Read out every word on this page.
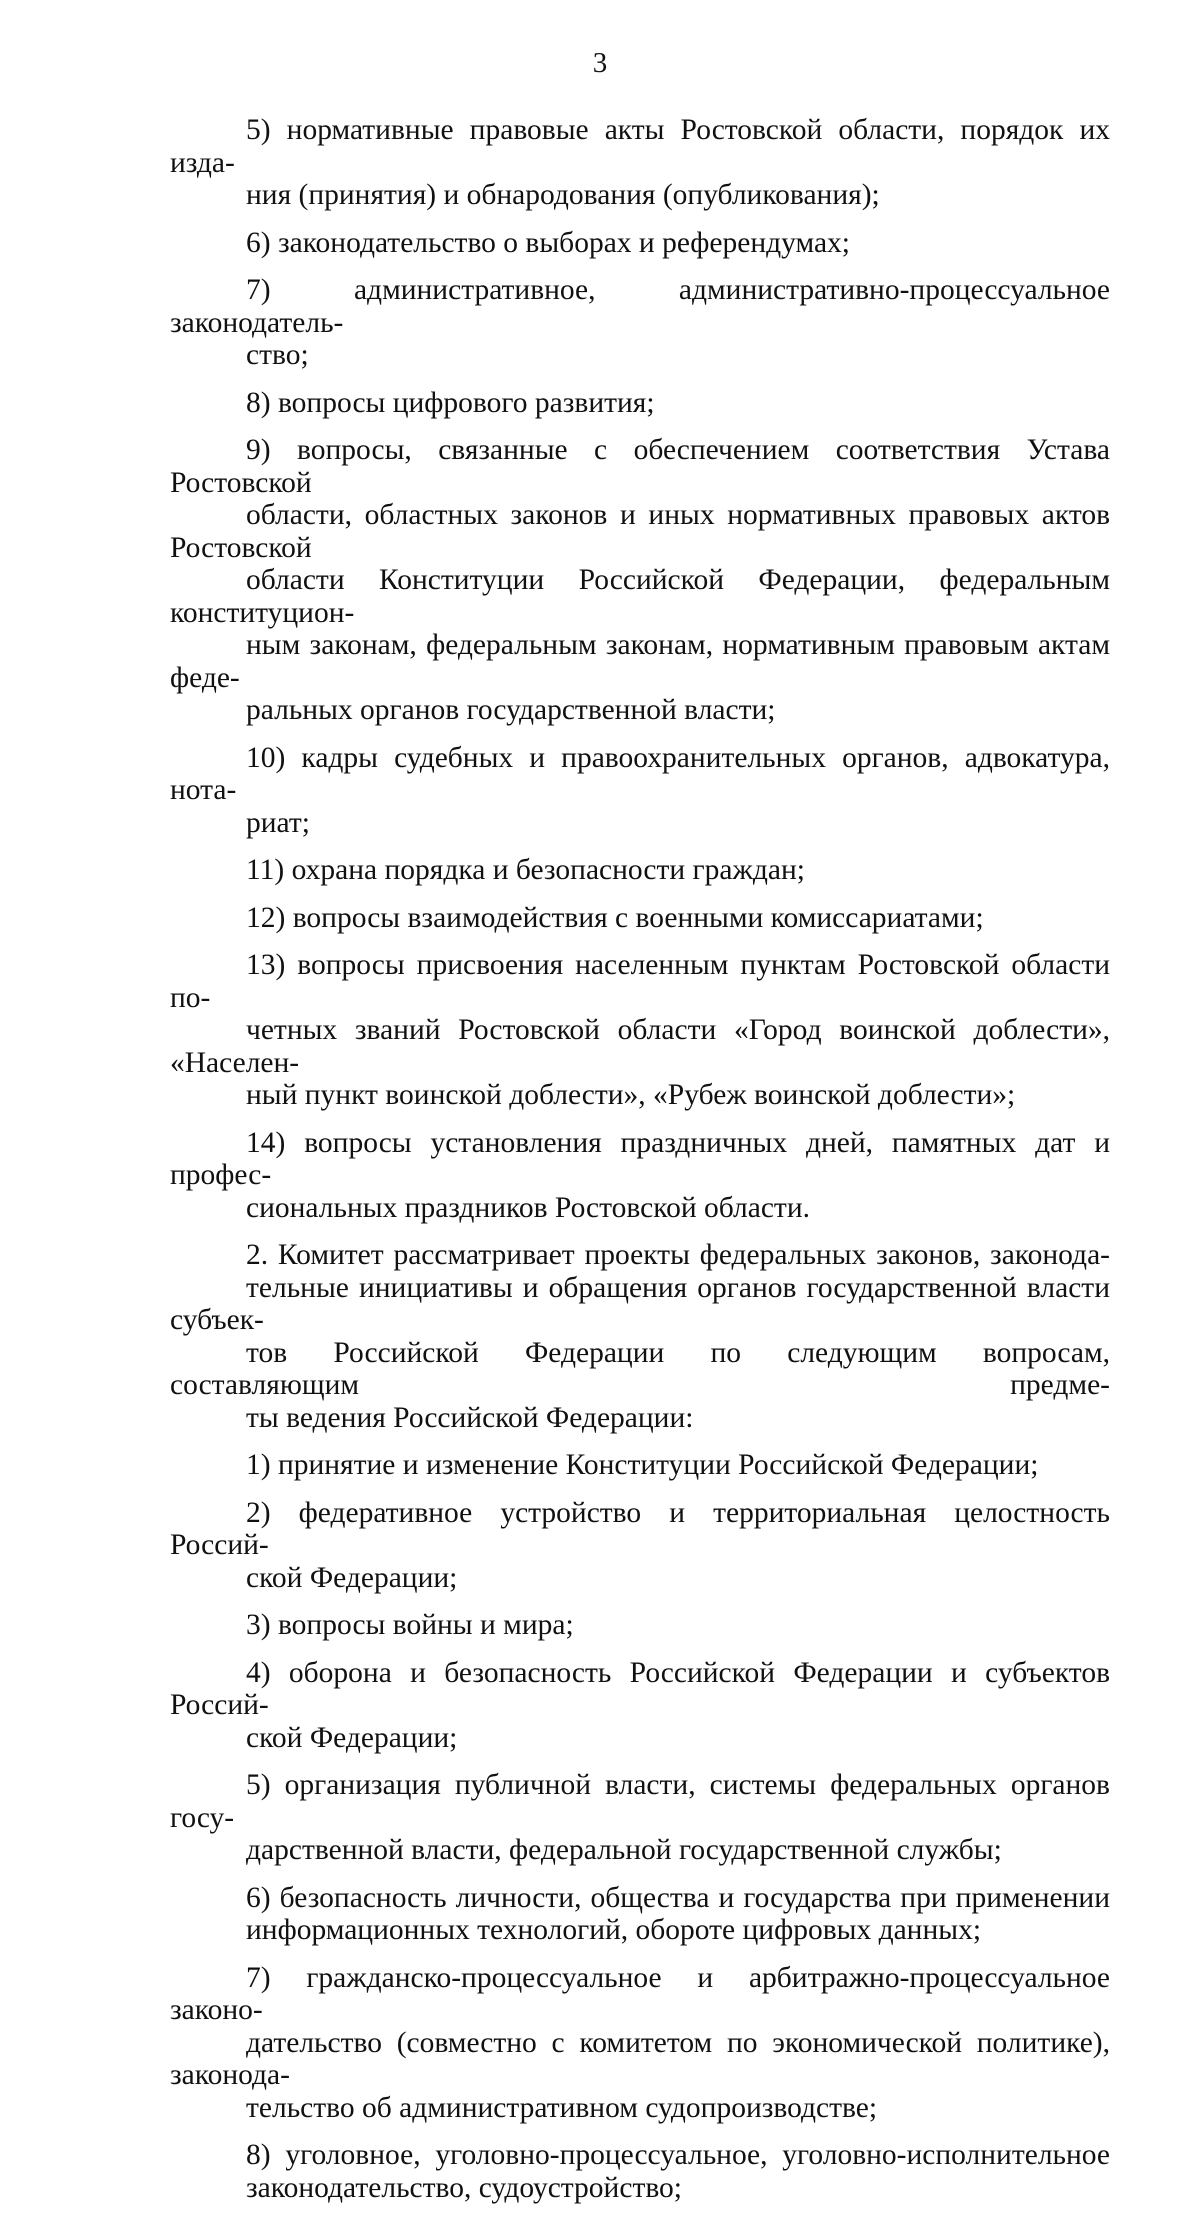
3

5) нормативные правовые акты Ростовской области, порядок их изда-
ния (принятия) и обнародования (опубликования);

6) законодательство о выборах и референдумах;

7) административное, административно-процессуальное законодатель-
ство;

8) вопросы цифрового развития;

9) вопросы, связанные с обеспечением соответствия Устава Ростовской
области, областных законов и иных нормативных правовых актов Ростовской
области Конституции Российской Федерации, федеральным конституцион-
ным законам, федеральным законам, нормативным правовым актам феде-
ральных органов государственной власти;

10) кадры судебных и правоохранительных органов, адвокатура, нота-
риат;

11) охрана порядка и безопасности граждан;

12) вопросы взаимодействия с военными комиссариатами;

13) вопросы присвоения населенным пунктам Ростовской области по-
четных званий Ростовской области «Город воинской доблести», «Населен-
ный пункт воинской доблести», «Рубеж воинской доблести»;

14) вопросы установления праздничных дней, памятных дат и профес-
сиональных праздников Ростовской области.

2. Комитет рассматривает проекты федеральных законов, законода-
тельные инициативы и обращения органов государственной власти субъек-
тов Российской Федерации по следующим вопросам, составляющим предме-
ты ведения Российской Федерации:

1) принятие и изменение Конституции Российской Федерации;

2) федеративное устройство и территориальная целостность Россий-
ской Федерации;

3) вопросы войны и мира;

4) оборона и безопасность Российской Федерации и субъектов Россий-
ской Федерации;

5) организация публичной власти, системы федеральных органов госу-
дарственной власти, федеральной государственной службы;

6) безопасность личности, общества и государства при применении
информационных технологий, обороте цифровых данных;

7) гражданско-процессуальное и арбитражно-процессуальное законо-
дательство (совместно с комитетом по экономической политике), законода-
тельство об административном судопроизводстве;

8) уголовное, уголовно-процессуальное, уголовно-исполнительное
законодательство, судоустройство;
